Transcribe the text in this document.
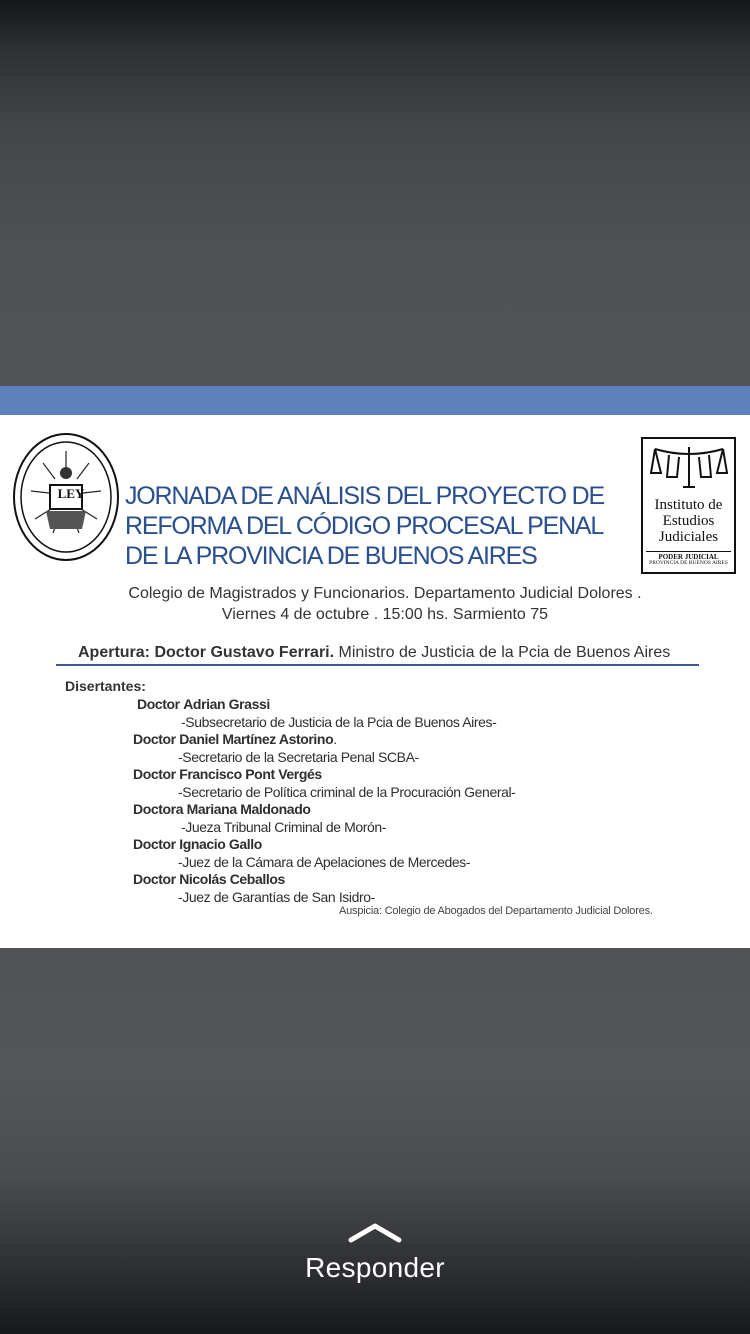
LEY JORNADA DE ANÁLISIS DEL PROYECTO DE
REFORMA DEL CÓDIGO PROCESAL PENAL
DE LA PROVINCIA DE BUENOS AIRES
Instituto de
Estudios
Judiciales
PODER JUDICIAL
PROVINCIA DE BUENOS AIRES
Colegio de Magistrados y Funcionarios. Departamento Judicial Dolores .
Viernes 4 de octubre . 15:00 hs. Sarmiento 75
Apertura: Doctor Gustavo Ferrari. Ministro de Justicia de la Pcia de Buenos Aires
Disertantes:
Doctor Adrian Grassi
-Subsecretario de Justicia de la Pcia de Buenos Aires-
Doctor Daniel Martínez Astorino.
-Secretario de la Secretaria Penal SCBA-
Doctor Francisco Pont Vergés
-Secretario de Política criminal de la Procuración General-
Doctora Mariana Maldonado
-Jueza Tribunal Criminal de Morón-
Doctor Ignacio Gallo
-Juez de la Cámara de Apelaciones de Mercedes-
Doctor Nicolás Ceballos
-Juez de Garantías de San Isidro-
Auspicia: Colegio de Abogados del Departamento Judicial Dolores.
Responder
